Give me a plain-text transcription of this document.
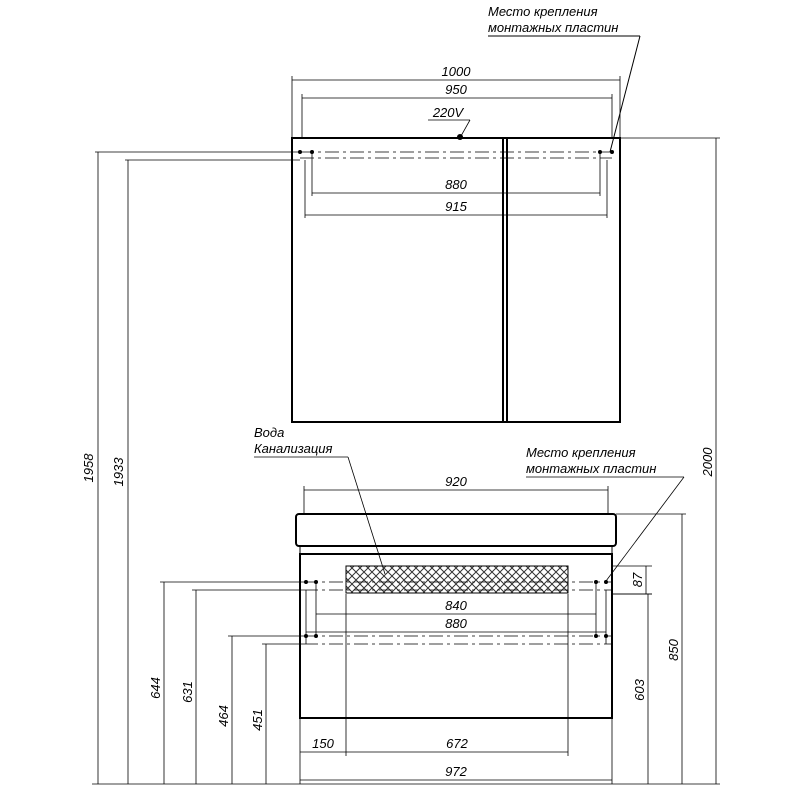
Место крепления
монтажных пластин
1000
950
220V
880
915
1958 1933	2000
Вода
Канализация	Место крепления
монтажных пластин
920
840
880
87
850
603
644 631
464 451
150	672
972
